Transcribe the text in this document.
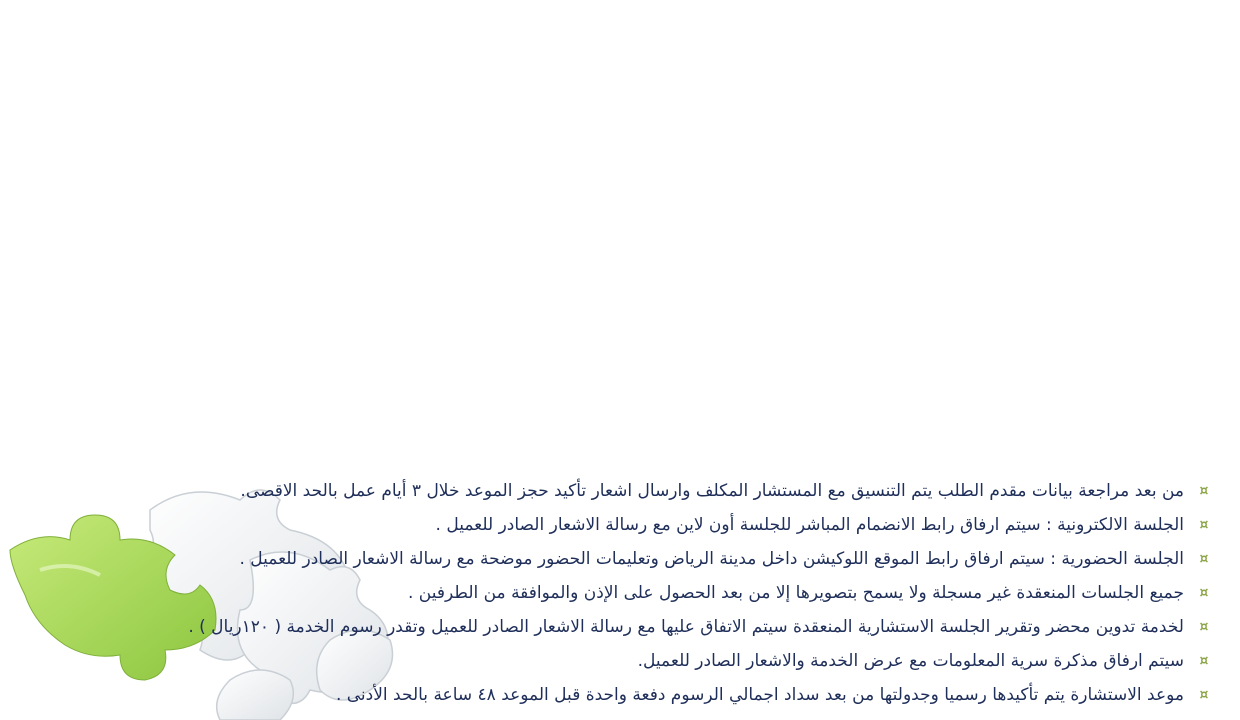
¤
من بعد مراجعة بيانات مقدم الطلب يتم التنسيق مع المستشار المكلف وارسال اشعار تأكيد حجز الموعد خلال ٣ أيام عمل بالحد الاقصى.
¤
الجلسة الالكترونية : سيتم ارفاق رابط الانضمام المباشر للجلسة أون لاين مع رسالة الاشعار الصادر للعميل .
¤
الجلسة الحضورية : سيتم ارفاق رابط الموقع اللوكيشن داخل مدينة الرياض وتعليمات الحضور موضحة مع رسالة الاشعار الصادر للعميل .
¤
جميع الجلسات المنعقدة غير مسجلة ولا يسمح بتصويرها إلا من بعد الحصول على الإذن والموافقة من الطرفين .
¤
لخدمة تدوين محضر وتقرير الجلسة الاستشارية المنعقدة سيتم الاتفاق عليها مع رسالة الاشعار الصادر للعميل وتقدر رسوم الخدمة ( ١٢٠ريال ) .
¤
سيتم ارفاق مذكرة سرية المعلومات مع عرض الخدمة والاشعار الصادر للعميل.
¤
موعد الاستشارة يتم تأكيدها رسميا وجدولتها من بعد سداد اجمالي الرسوم دفعة واحدة قبل الموعد ٤٨ ساعة بالحد الأدنى .
